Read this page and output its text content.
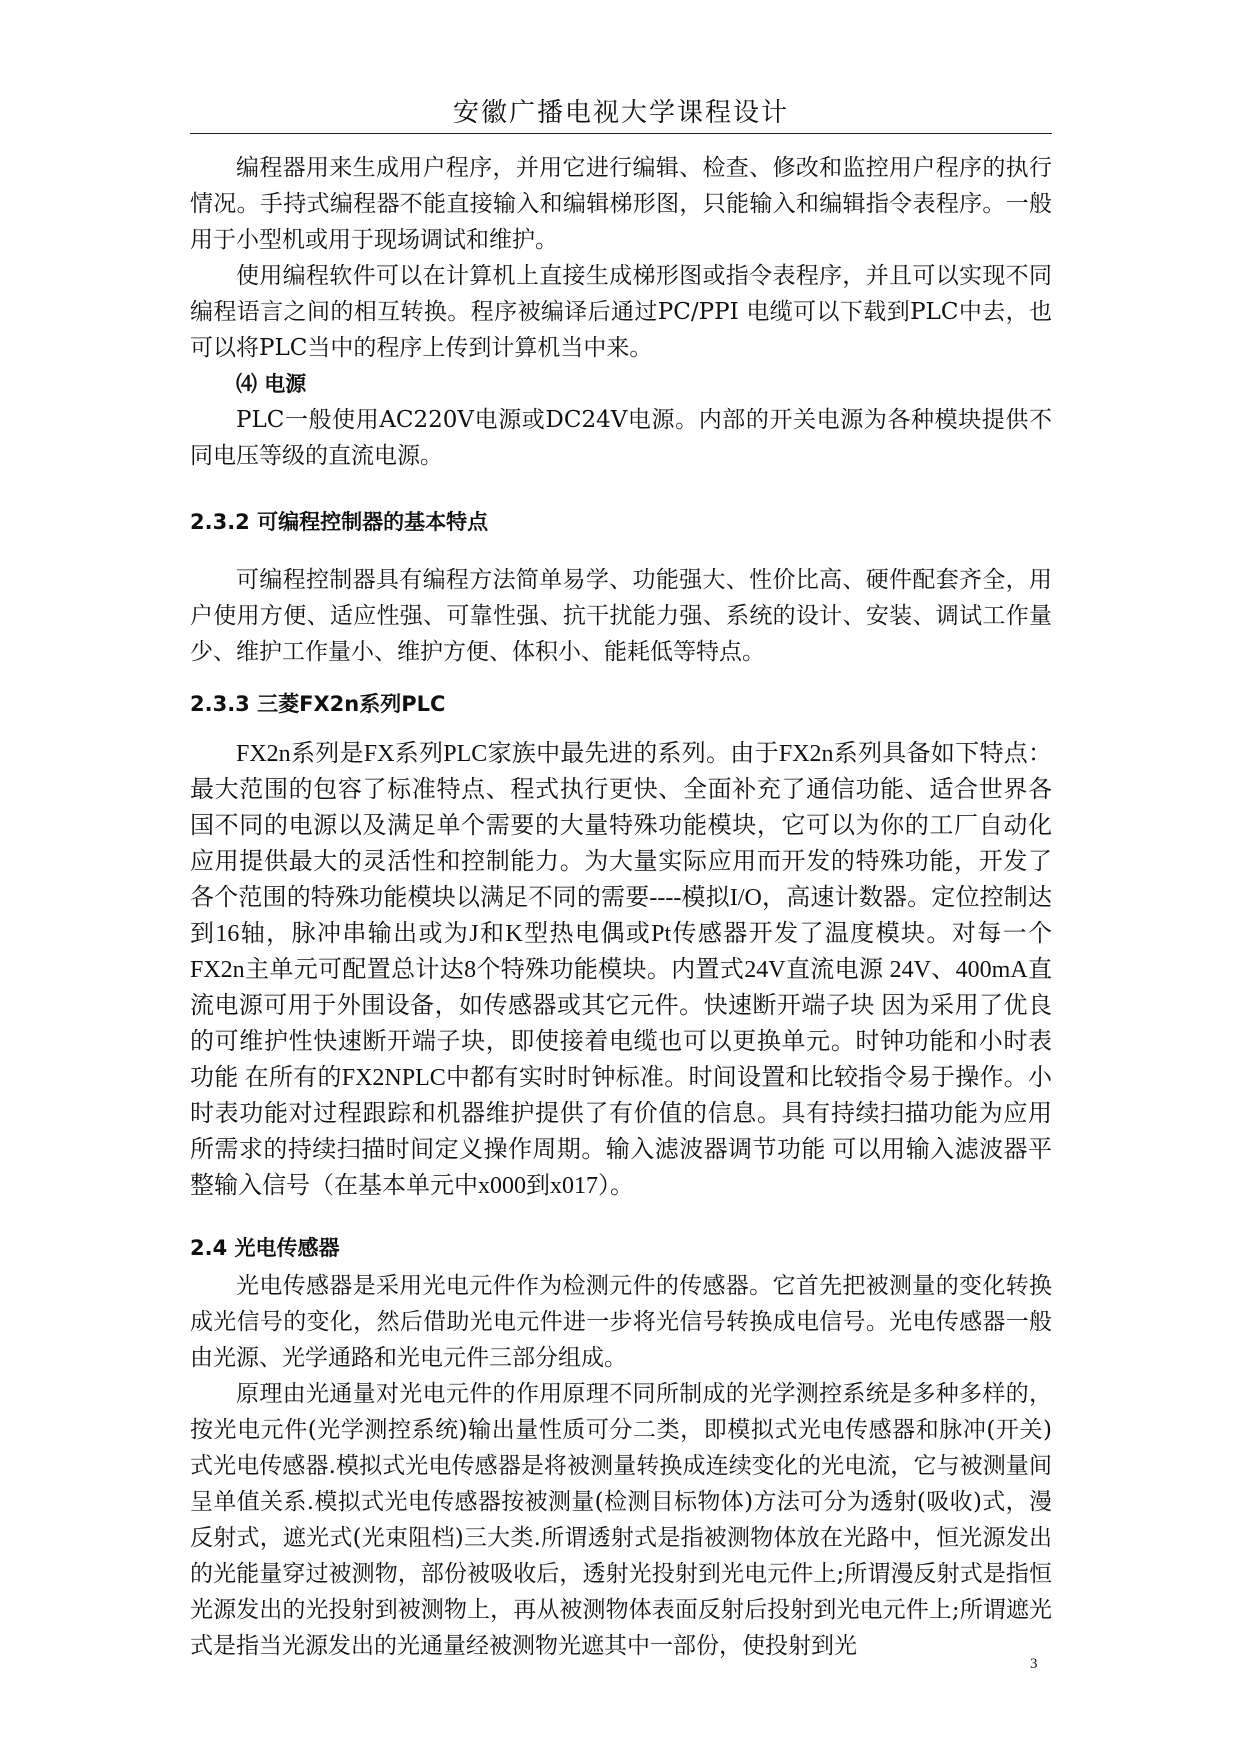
安徽广播电视大学课程设计

编程器用来生成用户程序，并用它进行编辑、检查、修改和监控用户程序的执行情况。手持式编程器不能直接输入和编辑梯形图，只能输入和编辑指令表程序。一般用于小型机或用于现场调试和维护。

使用编程软件可以在计算机上直接生成梯形图或指令表程序，并且可以实现不同编程语言之间的相互转换。程序被编译后通过PC/PPI 电缆可以下载到PLC中去，也可以将PLC当中的程序上传到计算机当中来。

⑷ 电源

PLC一般使用AC220V电源或DC24V电源。内部的开关电源为各种模块提供不同电压等级的直流电源。

2.3.2 可编程控制器的基本特点

可编程控制器具有编程方法简单易学、功能强大、性价比高、硬件配套齐全，用户使用方便、适应性强、可靠性强、抗干扰能力强、系统的设计、安装、调试工作量少、维护工作量小、维护方便、体积小、能耗低等特点。

2.3.3 三菱FX2n系列PLC

FX2n系列是FX系列PLC家族中最先进的系列。由于FX2n系列具备如下特点：最大范围的包容了标准特点、程式执行更快、全面补充了通信功能、适合世界各国不同的电源以及满足单个需要的大量特殊功能模块，它可以为你的工厂自动化应用提供最大的灵活性和控制能力。为大量实际应用而开发的特殊功能，开发了各个范围的特殊功能模块以满足不同的需要----模拟I/O，高速计数器。定位控制达到16轴，脉冲串输出或为J和K型热电偶或Pt传感器开发了温度模块。对每一个FX2n主单元可配置总计达8个特殊功能模块。内置式24V直流电源 24V、400mA直流电源可用于外围设备，如传感器或其它元件。快速断开端子块 因为采用了优良的可维护性快速断开端子块，即使接着电缆也可以更换单元。时钟功能和小时表功能 在所有的FX2NPLC中都有实时时钟标准。时间设置和比较指令易于操作。小时表功能对过程跟踪和机器维护提供了有价值的信息。具有持续扫描功能为应用所需求的持续扫描时间定义操作周期。输入滤波器调节功能 可以用输入滤波器平整输入信号（在基本单元中x000到x017）。

2.4 光电传感器

光电传感器是采用光电元件作为检测元件的传感器。它首先把被测量的变化转换成光信号的变化，然后借助光电元件进一步将光信号转换成电信号。光电传感器一般由光源、光学通路和光电元件三部分组成。

原理由光通量对光电元件的作用原理不同所制成的光学测控系统是多种多样的，按光电元件(光学测控系统)输出量性质可分二类，即模拟式光电传感器和脉冲(开关)式光电传感器.模拟式光电传感器是将被测量转换成连续变化的光电流，它与被测量间呈单值关系.模拟式光电传感器按被测量(检测目标物体)方法可分为透射(吸收)式，漫反射式，遮光式(光束阻档)三大类.所谓透射式是指被测物体放在光路中，恒光源发出的光能量穿过被测物，部份被吸收后，透射光投射到光电元件上;所谓漫反射式是指恒光源发出的光投射到被测物上，再从被测物体表面反射后投射到光电元件上;所谓遮光式是指当光源发出的光通量经被测物光遮其中一部份，使投射到光

3
